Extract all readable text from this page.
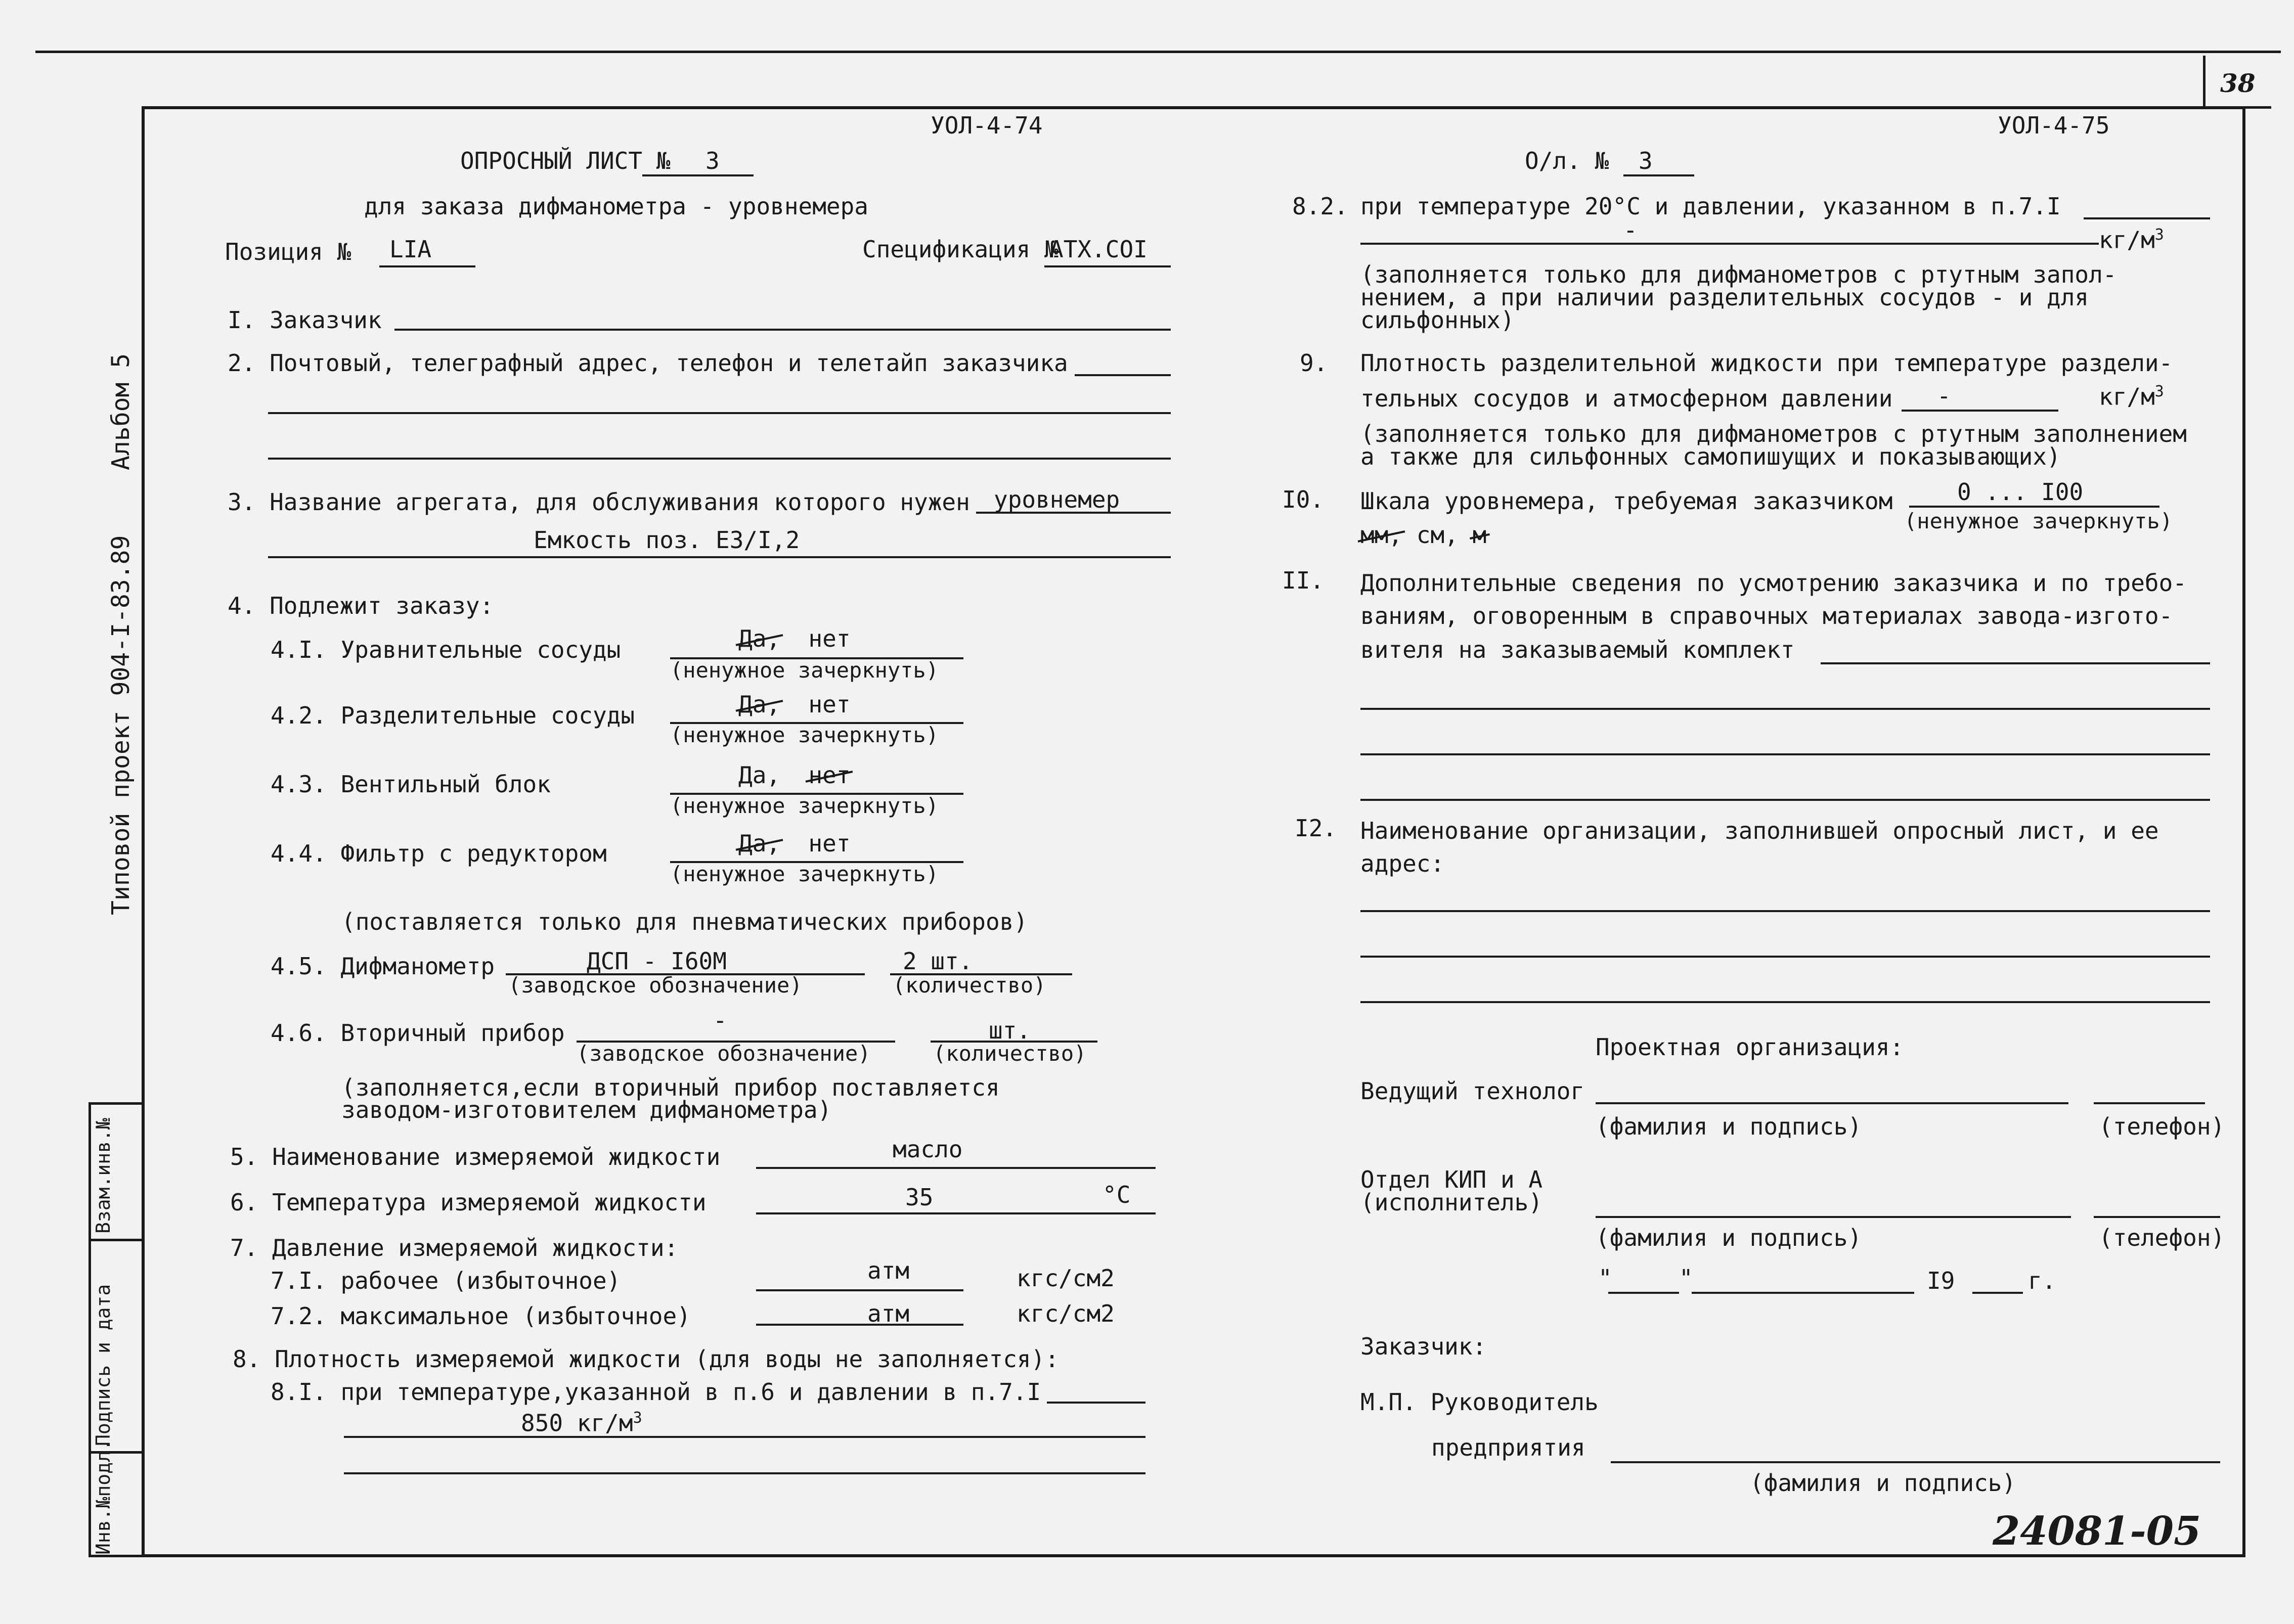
38
Инв.№подл.
Подпись и дата
Взам.инв.№
Альбом 5
Типовой проект 904-I-83.89
УОЛ-4-74
ОПРОСНЫЙ ЛИСТ № 3
для заказа дифманометра - уровнемера
Позиция № LIA	Спецификация №
АТХ.СОI
I. Заказчик
2. Почтовый, телеграфный адрес, телефон и телетайп заказчика
3. Название агрегата, для обслуживания которого нужен уровнемер
Емкость поз. Е3/I,2
4. Подлежит заказу:
4.I. Уравнительные сосуды	Да, нет
(ненужное зачеркнуть)
4.2. Разделительные сосуды	Да, нет
(ненужное зачеркнуть)
4.3. Вентильный блок	Да, нет
(ненужное зачеркнуть)
4.4. Фильтр с редуктором	Да, нет
(ненужное зачеркнуть)
(поставляется только для пневматических приборов)
4.5. Дифманометр	ДСП - I60М
(заводское обозначение)
2 шт.
(количество)
4.6. Вторичный прибор	-
(заводское обозначение)
шт.
(количество)
(заполняется,если вторичный прибор поставляется
заводом-изготовителем дифманометра)
5. Наименование измеряемой жидкости	масло
6. Температура измеряемой жидкости	35	°С
7. Давление измеряемой жидкости:
7.I. рабочее (избыточное)	атм	кгс/см2
7.2. максимальное (избыточное)	атм	кгс/см2
8. Плотность измеряемой жидкости (для воды не заполняется):
8.I. при температуре,указанной в п.6 и давлении в п.7.I
850 $кг/м^3$
УОЛ-4-75
О/л. № 3
8.2. при температуре 20°С и давлении, указанном в п.7.I
-	$кг/м^3$
(заполняется только для дифманометров с ртутным запол-
нением, а при наличии разделительных сосудов - и для
сильфонных)
9. Плотность разделительной жидкости при температуре раздели-
тельных сосудов и атмосферном давлении -	$кг/м^3$
(заполняется только для дифманометров с ртутным заполнением
а также для сильфонных самопишущих и показывающих)
I0. Шкала уровнемера, требуемая заказчиком	0 ... I00
(ненужное зачеркнуть)
мм, см, м
II. Дополнительные сведения по усмотрению заказчика и по требо-
ваниям, оговоренным в справочных материалах завода-изгото-
вителя на заказываемый комплект
I2. Наименование организации, заполнившей опросный лист, и ее
адрес:
Проектная организация:
Ведущий технолог
(фамилия и подпись)	(телефон)
Отдел КИП и А
(исполнитель)
(фамилия и подпись)	(телефон)
"	"	I9	г.
Заказчик:
М.П. Руководитель
предприятия
(фамилия и подпись)
24081-05
